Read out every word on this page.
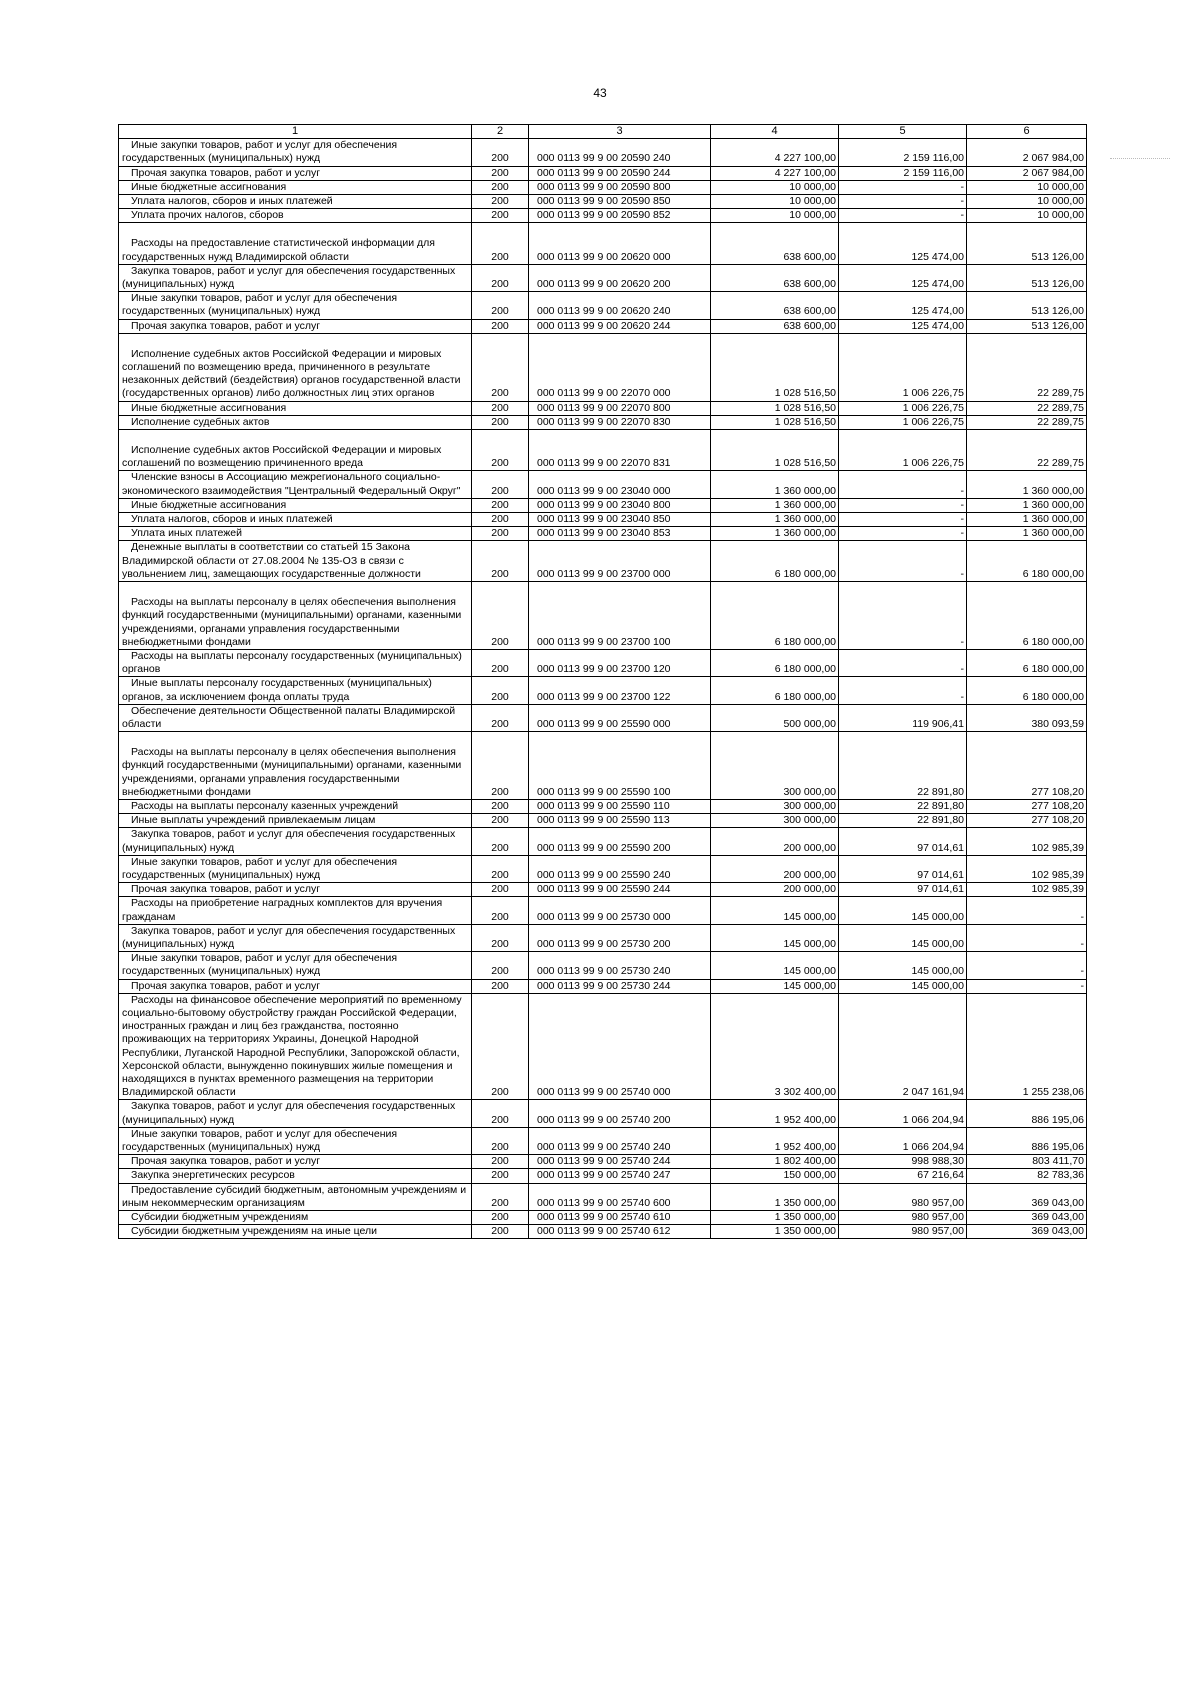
43
1	2	3	4	5	6

Иные закупки товаров, работ и услуг для обеспечения государственных (муниципальных) нужд	200	000 0113 99 9 00 20590 240	4 227 100,00	2 159 116,00	2 067 984,00

Прочая закупка товаров, работ и услуг	200	000 0113 99 9 00 20590 244	4 227 100,00	2 159 116,00	2 067 984,00

Иные бюджетные ассигнования	200	000 0113 99 9 00 20590 800	10 000,00	-	10 000,00

Уплата налогов, сборов и иных платежей	200	000 0113 99 9 00 20590 850	10 000,00	-	10 000,00

Уплата прочих налогов, сборов	200	000 0113 99 9 00 20590 852	10 000,00	-	10 000,00

Расходы на предоставление статистической информации для государственных нужд Владимирской области	200	000 0113 99 9 00 20620 000	638 600,00	125 474,00	513 126,00

Закупка товаров, работ и услуг для обеспечения государственных (муниципальных) нужд	200	000 0113 99 9 00 20620 200	638 600,00	125 474,00	513 126,00

Иные закупки товаров, работ и услуг для обеспечения государственных (муниципальных) нужд	200	000 0113 99 9 00 20620 240	638 600,00	125 474,00	513 126,00

Прочая закупка товаров, работ и услуг	200	000 0113 99 9 00 20620 244	638 600,00	125 474,00	513 126,00

Исполнение судебных актов Российской Федерации и мировых соглашений по возмещению вреда, причиненного в результате незаконных действий (бездействия) органов государственной власти (государственных органов) либо должностных лиц этих органов	200	000 0113 99 9 00 22070 000	1 028 516,50	1 006 226,75	22 289,75

Иные бюджетные ассигнования	200	000 0113 99 9 00 22070 800	1 028 516,50	1 006 226,75	22 289,75

Исполнение судебных актов	200	000 0113 99 9 00 22070 830	1 028 516,50	1 006 226,75	22 289,75

Исполнение судебных актов Российской Федерации и мировых соглашений по возмещению причиненного вреда	200	000 0113 99 9 00 22070 831	1 028 516,50	1 006 226,75	22 289,75

Членские взносы в Ассоциацию межрегионального социально-экономического взаимодействия "Центральный Федеральный Округ"	200	000 0113 99 9 00 23040 000	1 360 000,00	-	1 360 000,00

Иные бюджетные ассигнования	200	000 0113 99 9 00 23040 800	1 360 000,00	-	1 360 000,00

Уплата налогов, сборов и иных платежей	200	000 0113 99 9 00 23040 850	1 360 000,00	-	1 360 000,00

Уплата иных платежей	200	000 0113 99 9 00 23040 853	1 360 000,00	-	1 360 000,00

Денежные выплаты в соответствии со статьей 15 Закона Владимирской области от 27.08.2004 № 135-ОЗ в связи с увольнением лиц, замещающих государственные должности	200	000 0113 99 9 00 23700 000	6 180 000,00	-	6 180 000,00

Расходы на выплаты персоналу в целях обеспечения выполнения функций государственными (муниципальными) органами, казенными учреждениями, органами управления государственными внебюджетными фондами	200	000 0113 99 9 00 23700 100	6 180 000,00	-	6 180 000,00

Расходы на выплаты персоналу государственных (муниципальных) органов	200	000 0113 99 9 00 23700 120	6 180 000,00	-	6 180 000,00

Иные выплаты персоналу государственных (муниципальных) органов, за исключением фонда оплаты труда	200	000 0113 99 9 00 23700 122	6 180 000,00	-	6 180 000,00

Обеспечение деятельности Общественной палаты Владимирской области	200	000 0113 99 9 00 25590 000	500 000,00	119 906,41	380 093,59

Расходы на выплаты персоналу в целях обеспечения выполнения функций государственными (муниципальными) органами, казенными учреждениями, органами управления государственными внебюджетными фондами	200	000 0113 99 9 00 25590 100	300 000,00	22 891,80	277 108,20

Расходы на выплаты персоналу казенных учреждений	200	000 0113 99 9 00 25590 110	300 000,00	22 891,80	277 108,20

Иные выплаты учреждений привлекаемым лицам	200	000 0113 99 9 00 25590 113	300 000,00	22 891,80	277 108,20

Закупка товаров, работ и услуг для обеспечения государственных (муниципальных) нужд	200	000 0113 99 9 00 25590 200	200 000,00	97 014,61	102 985,39

Иные закупки товаров, работ и услуг для обеспечения государственных (муниципальных) нужд	200	000 0113 99 9 00 25590 240	200 000,00	97 014,61	102 985,39

Прочая закупка товаров, работ и услуг	200	000 0113 99 9 00 25590 244	200 000,00	97 014,61	102 985,39

Расходы на приобретение наградных комплектов для вручения гражданам	200	000 0113 99 9 00 25730 000	145 000,00	145 000,00	-

Закупка товаров, работ и услуг для обеспечения государственных (муниципальных) нужд	200	000 0113 99 9 00 25730 200	145 000,00	145 000,00	-

Иные закупки товаров, работ и услуг для обеспечения государственных (муниципальных) нужд	200	000 0113 99 9 00 25730 240	145 000,00	145 000,00	-

Прочая закупка товаров, работ и услуг	200	000 0113 99 9 00 25730 244	145 000,00	145 000,00	-

Расходы на финансовое обеспечение мероприятий по временному социально-бытовому обустройству граждан Российской Федерации, иностранных граждан и лиц без гражданства, постоянно проживающих на территориях Украины, Донецкой Народной Республики, Луганской Народной Республики, Запорожской области, Херсонской области, вынужденно покинувших жилые помещения и находящихся в пунктах временного размещения на территории Владимирской области	200	000 0113 99 9 00 25740 000	3 302 400,00	2 047 161,94	1 255 238,06

Закупка товаров, работ и услуг для обеспечения государственных (муниципальных) нужд	200	000 0113 99 9 00 25740 200	1 952 400,00	1 066 204,94	886 195,06

Иные закупки товаров, работ и услуг для обеспечения государственных (муниципальных) нужд	200	000 0113 99 9 00 25740 240	1 952 400,00	1 066 204,94	886 195,06

Прочая закупка товаров, работ и услуг	200	000 0113 99 9 00 25740 244	1 802 400,00	998 988,30	803 411,70

Закупка энергетических ресурсов	200	000 0113 99 9 00 25740 247	150 000,00	67 216,64	82 783,36

Предоставление субсидий бюджетным, автономным учреждениям и иным некоммерческим организациям	200	000 0113 99 9 00 25740 600	1 350 000,00	980 957,00	369 043,00

Субсидии бюджетным учреждениям	200	000 0113 99 9 00 25740 610	1 350 000,00	980 957,00	369 043,00

Субсидии бюджетным учреждениям на иные цели	200	000 0113 99 9 00 25740 612	1 350 000,00	980 957,00	369 043,00
